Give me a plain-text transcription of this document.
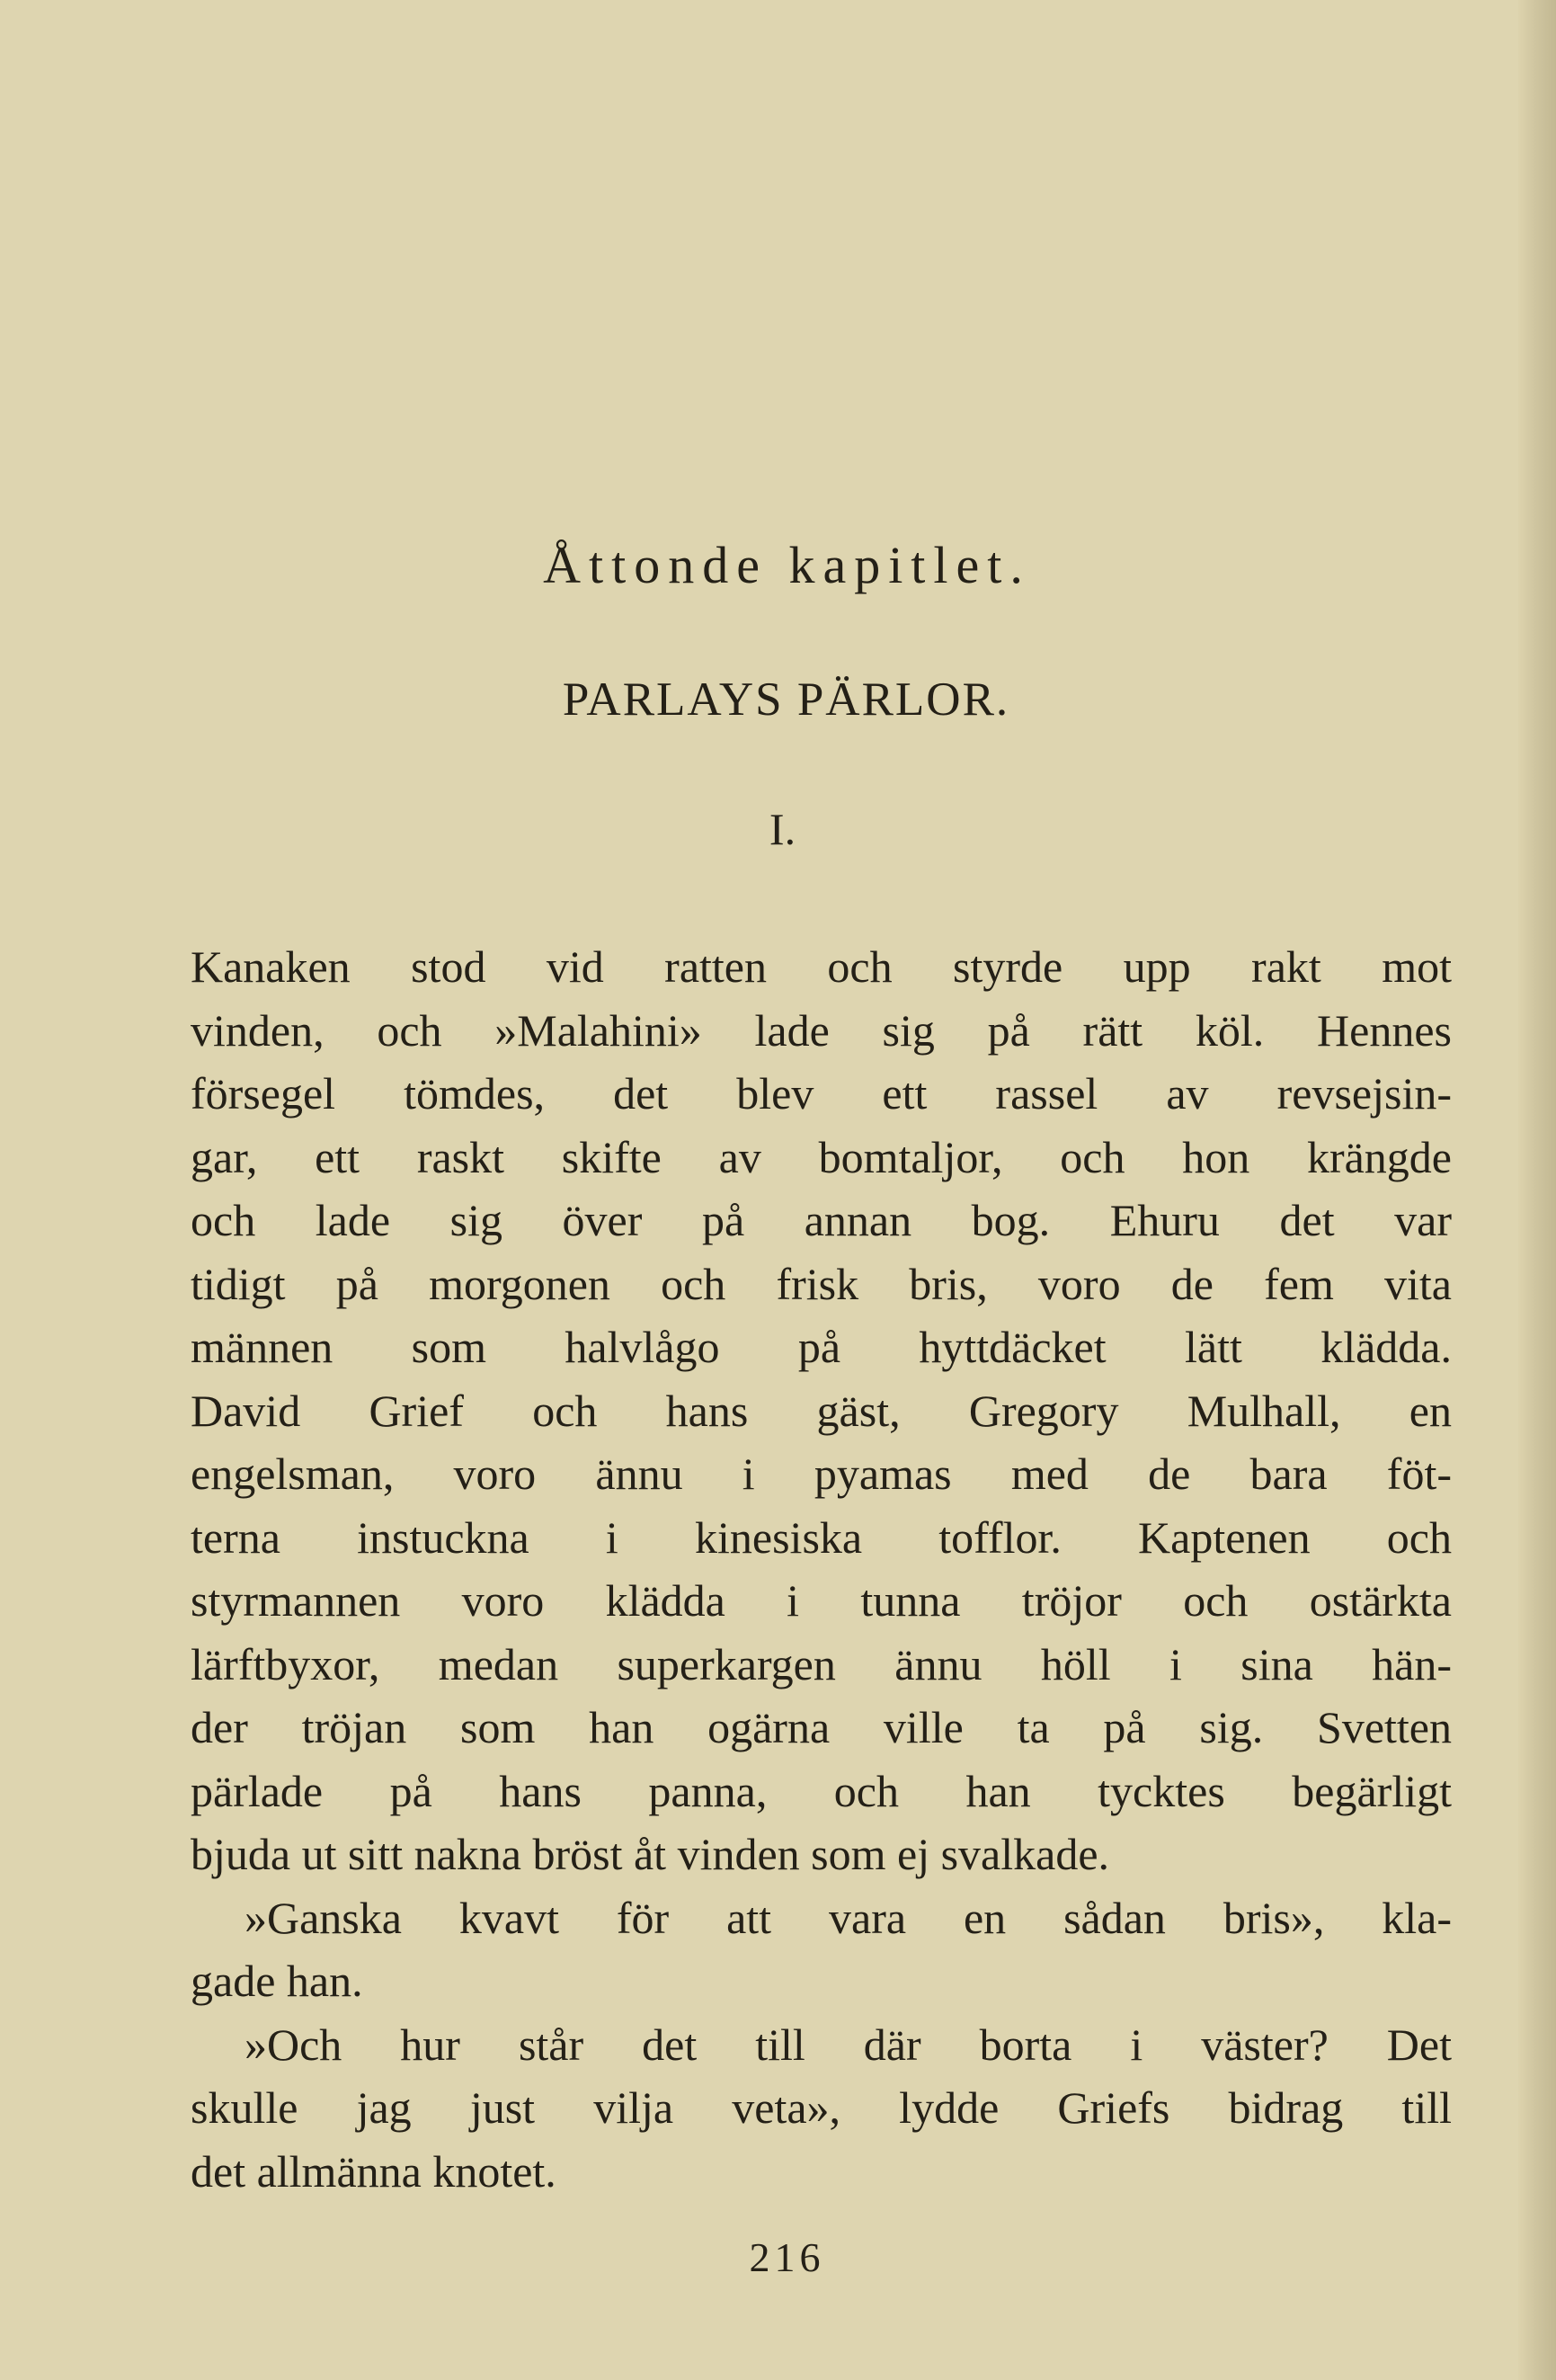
Åttonde kapitlet.
PARLAYS PÄRLOR.
I.
Kanaken stod vid ratten och styrde upp rakt mot
vinden, och »Malahini» lade sig på rätt köl. Hennes
försegel tömdes, det blev ett rassel av revsejsin-
gar, ett raskt skifte av bomtaljor, och hon krängde
och lade sig över på annan bog. Ehuru det var
tidigt på morgonen och frisk bris, voro de fem vita
männen som halvlågo på hyttdäcket lätt klädda.
David Grief och hans gäst, Gregory Mulhall, en
engelsman, voro ännu i pyamas med de bara föt-
terna instuckna i kinesiska tofflor. Kaptenen och
styrmannen voro klädda i tunna tröjor och ostärkta
lärftbyxor, medan superkargen ännu höll i sina hän-
der tröjan som han ogärna ville ta på sig. Svetten
pärlade på hans panna, och han tycktes begärligt
bjuda ut sitt nakna bröst åt vinden som ej svalkade.
»Ganska kvavt för att vara en sådan bris», kla-
gade han.
»Och hur står det till där borta i väster? Det
skulle jag just vilja veta», lydde Griefs bidrag till
det allmänna knotet.
216
